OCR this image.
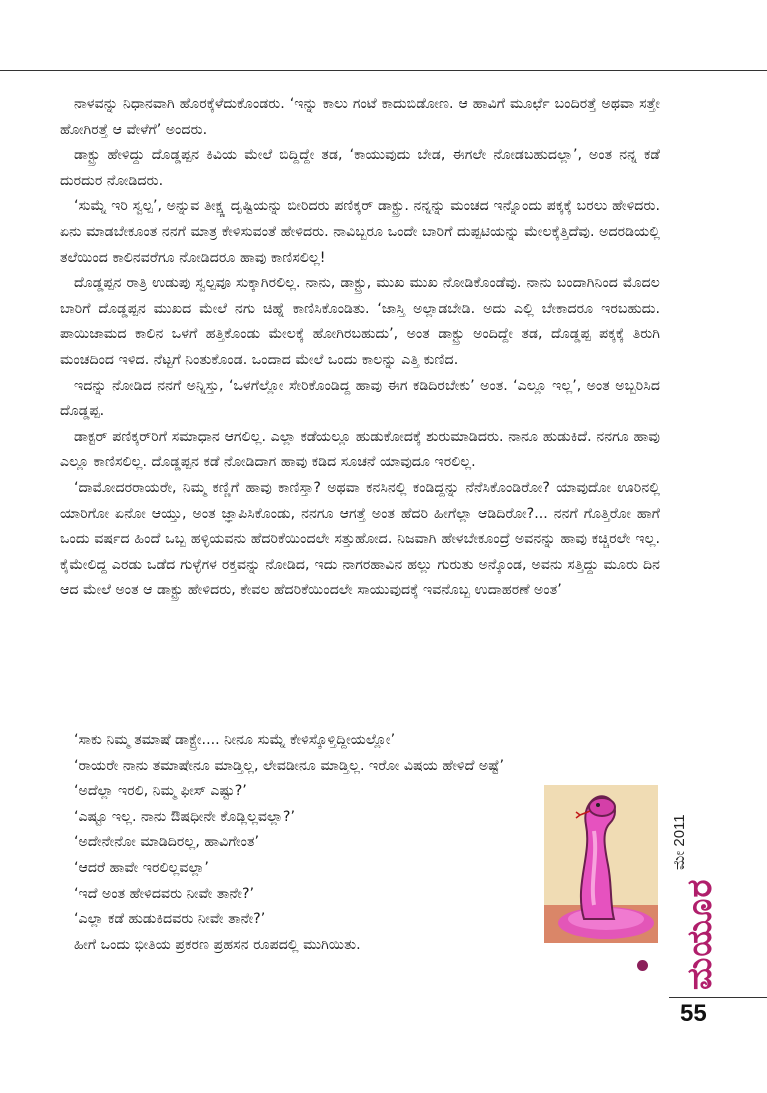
ನಾಳವನ್ನು ನಿಧಾನವಾಗಿ ಹೊರಕ್ಕೆಳೆದುಕೊಂಡರು. ‘ಇನ್ನು ಕಾಲು ಗಂಟೆ ಕಾದುಬಿಡೋಣ. ಆ ಹಾವಿಗೆ ಮೂರ್ಛೆ ಬಂದಿರತ್ತೆ ಅಥವಾ ಸತ್ತೇ ಹೋಗಿರತ್ತೆ ಆ ವೇಳೆಗೆ’ ಅಂದರು.

ಡಾಕ್ಟ್ರು ಹೇಳಿದ್ದು ದೊಡ್ಡಪ್ಪನ ಕಿವಿಯ ಮೇಲೆ ಬಿದ್ದಿದ್ದೇ ತಡ, ‘ಕಾಯುವುದು ಬೇಡ, ಈಗಲೇ ನೋಡಬಹುದಲ್ಲಾ’, ಅಂತ ನನ್ನ ಕಡೆ ದುರದುರ ನೋಡಿದರು.

‘ಸುಮ್ನೆ ಇರಿ ಸ್ವಲ್ಪ’, ಅನ್ನುವ ತೀಕ್ಷ್ಣ ದೃಷ್ಟಿಯನ್ನು ಬೀರಿದರು ಪಣಿಕ್ಕರ್ ಡಾಕ್ಟ್ರು. ನನ್ನನ್ನು ಮಂಚದ ಇನ್ನೊಂದು ಪಕ್ಕಕ್ಕೆ ಬರಲು ಹೇಳಿದರು. ಏನು ಮಾಡಬೇಕೂಂತ ನನಗೆ ಮಾತ್ರ ಕೇಳಿಸುವಂತೆ ಹೇಳಿದರು. ನಾವಿಬ್ಬರೂ ಒಂದೇ ಬಾರಿಗೆ ದುಪ್ಪಟಿಯನ್ನು ಮೇಲಕ್ಕೆತ್ತಿದೆವು. ಅದರಡಿಯಲ್ಲಿ ತಲೆಯಿಂದ ಕಾಲಿನವರೆಗೂ ನೋಡಿದರೂ ಹಾವು ಕಾಣಿಸಲಿಲ್ಲ!

ದೊಡ್ಡಪ್ಪನ ರಾತ್ರಿ ಉಡುಪು ಸ್ವಲ್ಪವೂ ಸುಕ್ಕಾಗಿರಲಿಲ್ಲ. ನಾನು, ಡಾಕ್ಟ್ರು, ಮುಖ ಮುಖ ನೋಡಿಕೊಂಡೆವು. ನಾನು ಬಂದಾಗಿನಿಂದ ಮೊದಲ ಬಾರಿಗೆ ದೊಡ್ಡಪ್ಪನ ಮುಖದ ಮೇಲೆ ನಗು ಚಿಹ್ನೆ ಕಾಣಿಸಿಕೊಂಡಿತು. ‘ಜಾಸ್ತಿ ಅಲ್ಲಾಡಬೇಡಿ. ಅದು ಎಲ್ಲಿ ಬೇಕಾದರೂ ಇರಬಹುದು. ಪಾಯಿಜಾಮದ ಕಾಲಿನ ಒಳಗೆ ಹತ್ತಿಕೊಂಡು ಮೇಲಕ್ಕೆ ಹೋಗಿರಬಹುದು’, ಅಂತ ಡಾಕ್ಟ್ರು ಅಂದಿದ್ದೇ ತಡ, ದೊಡ್ಡಪ್ಪ ಪಕ್ಕಕ್ಕೆ ತಿರುಗಿ ಮಂಚದಿಂದ ಇಳಿದ. ನೆಟ್ಟಗೆ ನಿಂತುಕೊಂಡ. ಒಂದಾದ ಮೇಲೆ ಒಂದು ಕಾಲನ್ನು ಎತ್ತಿ ಕುಣಿದ.

ಇದನ್ನು ನೋಡಿದ ನನಗೆ ಅನ್ನಿಸ್ತು, ‘ಒಳಗೆಲ್ಲೋ ಸೇರಿಕೊಂಡಿದ್ದ ಹಾವು ಈಗ ಕಡಿದಿರಬೇಕು’ ಅಂತ. ‘ಎಲ್ಲೂ ಇಲ್ಲ’, ಅಂತ ಅಬ್ಬರಿಸಿದ ದೊಡ್ಡಪ್ಪ.

ಡಾಕ್ಟರ್ ಪಣಿಕ್ಕರ್‌ರಿಗೆ ಸಮಾಧಾನ ಆಗಲಿಲ್ಲ. ಎಲ್ಲಾ ಕಡೆಯಲ್ಲೂ ಹುಡುಕೋದಕ್ಕೆ ಶುರುಮಾಡಿದರು. ನಾನೂ ಹುಡುಕಿದೆ. ನನಗೂ ಹಾವು ಎಲ್ಲೂ ಕಾಣಿಸಲಿಲ್ಲ. ದೊಡ್ಡಪ್ಪನ ಕಡೆ ನೋಡಿದಾಗ ಹಾವು ಕಡಿದ ಸೂಚನೆ ಯಾವುದೂ ಇರಲಿಲ್ಲ.

‘ದಾಮೋದರರಾಯರೇ, ನಿಮ್ಮ ಕಣ್ಣಿಗೆ ಹಾವು ಕಾಣಿಸ್ತಾ? ಅಥವಾ ಕನಸಿನಲ್ಲಿ ಕಂಡಿದ್ದನ್ನು ನೆನೆಸಿಕೊಂಡಿರೋ? ಯಾವುದೋ ಊರಿನಲ್ಲಿ ಯಾರಿಗೋ ಏನೋ ಆಯ್ತು, ಅಂತ ಜ್ಞಾಪಿಸಿಕೊಂಡು, ನನಗೂ ಆಗತ್ತೆ ಅಂತ ಹೆದರಿ ಹೀಗೆಲ್ಲಾ ಆಡಿದಿರೋ?... ನನಗೆ ಗೊತ್ತಿರೋ ಹಾಗೆ ಒಂದು ವರ್ಷದ ಹಿಂದೆ ಒಬ್ಬ ಹಳ್ಳಿಯವನು ಹೆದರಿಕೆಯಿಂದಲೇ ಸತ್ತುಹೋದ. ನಿಜವಾಗಿ ಹೇಳಬೇಕೂಂದ್ರೆ ಅವನನ್ನು ಹಾವು ಕಚ್ಚಿರಲೇ ಇಲ್ಲ. ಕೈಮೇಲಿದ್ದ ಎರಡು ಒಡೆದ ಗುಳ್ಳೆಗಳ ರಕ್ತವನ್ನು ನೋಡಿದ, ಇದು ನಾಗರಹಾವಿನ ಹಲ್ಲು ಗುರುತು ಅನ್ಕೊಂಡ, ಅವನು ಸತ್ತಿದ್ದು ಮೂರು ದಿನ ಆದ ಮೇಲೆ ಅಂತ ಆ ಡಾಕ್ಟ್ರು ಹೇಳಿದರು, ಕೇವಲ ಹೆದರಿಕೆಯಿಂದಲೇ ಸಾಯುವುದಕ್ಕೆ ಇವನೊಬ್ಬ ಉದಾಹರಣೆ ಅಂತ’

‘ಸಾಕು ನಿಮ್ಮ ತಮಾಷೆ ಡಾಕ್ಟ್ರೇ.... ನೀನೂ ಸುಮ್ನೆ ಕೇಳಿಸ್ಕೊಳ್ತಿದ್ದೀಯಲ್ಲೋ’

‘ರಾಯರೇ ನಾನು ತಮಾಷೇನೂ ಮಾಡ್ತಿಲ್ಲ, ಲೇವಡೀನೂ ಮಾಡ್ತಿಲ್ಲ. ಇರೋ ವಿಷಯ ಹೇಳಿದೆ ಅಷ್ಟೆ’

‘ಅದೆಲ್ಲಾ ಇರಲಿ, ನಿಮ್ಮ ಫೀಸ್ ಎಷ್ಟು?’

‘ಎಷ್ಟೂ ಇಲ್ಲ. ನಾನು ಔಷಧೀನೇ ಕೊಡ್ಲಿಲ್ಲವಲ್ಲಾ?’

‘ಅದೇನೇನೋ ಮಾಡಿದಿರಲ್ಲ, ಹಾವಿಗೇಂತ’

‘ಆದರೆ ಹಾವೇ ಇರಲಿಲ್ಲವಲ್ಲಾ’

‘ಇದೆ ಅಂತ ಹೇಳಿದವರು ನೀವೇ ತಾನೇ?’

‘ಎಲ್ಲಾ ಕಡೆ ಹುಡುಕಿದವರು ನೀವೇ ತಾನೇ?’

ಹೀಗೆ ಒಂದು ಭೀತಿಯ ಪ್ರಕರಣ ಪ್ರಹಸನ ರೂಪದಲ್ಲಿ ಮುಗಿಯಿತು.

ಮೇ 2011
ಮಯೂರ
55
